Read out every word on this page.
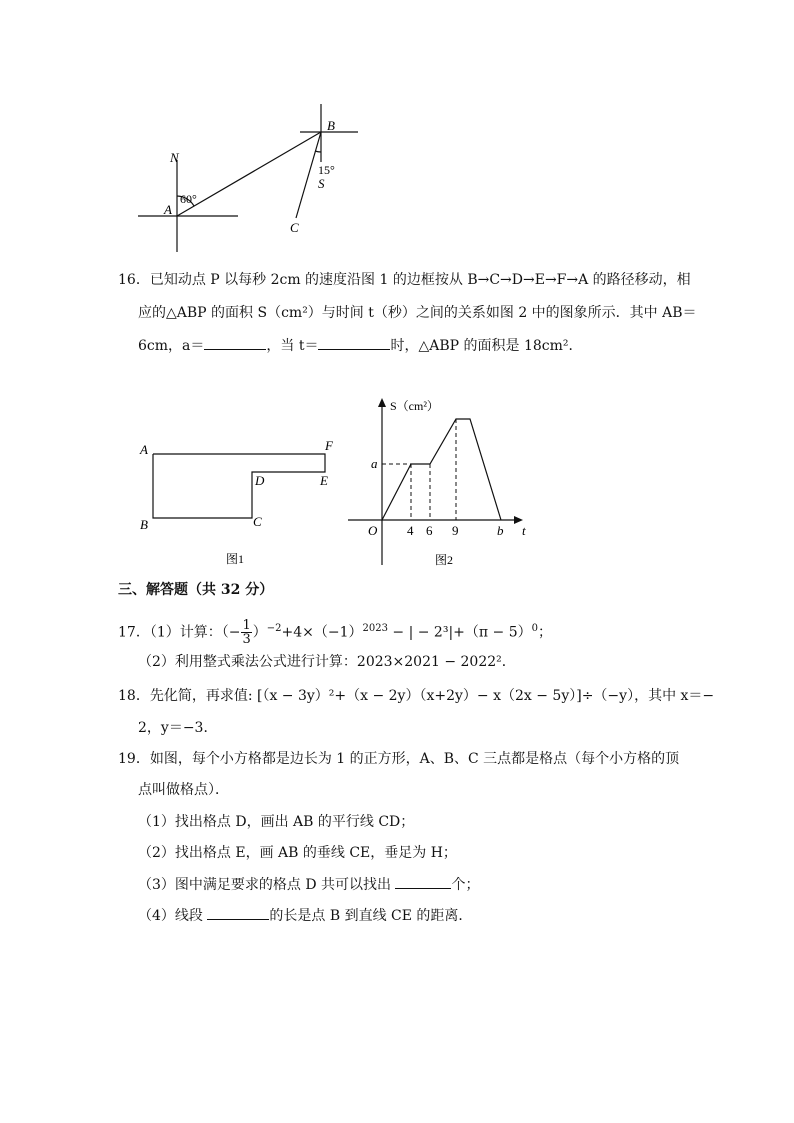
N
B
A
C
S
60°
15°
16．已知动点 P 以每秒 2cm 的速度沿图 1 的边框按从 B→C→D→E→F→A 的路径移动，相
应的△ABP 的面积 S（cm²）与时间 t（秒）之间的关系如图 2 中的图象所示．其中 AB＝
6cm，a＝	，当 t＝	时，△ABP 的面积是 18cm²．
A
B	C
D	E
F
图1
S（cm²）
t
O
a
4 6 9	b
图2
三、解答题（共 32 分）
17．（1）计算：（− $\frac{1}{3} )^{-2}+4\times(-1)^{2023}$ − | − $2^3|+(\pi - 5)^0$；
（2）利用整式乘法公式进行计算：2023×2021 − 2022²．
18．先化简，再求值: [（x − 3y）²+（x − 2y）（x+2y）− x（2x − 5y）]÷（−y），其中 x＝−
2，y＝−3．
19．如图，每个小方格都是边长为 1 的正方形，A、B、C 三点都是格点（每个小方格的顶
点叫做格点）．
（1）找出格点 D，画出 AB 的平行线 CD；
（2）找出格点 E，画 AB 的垂线 CE，垂足为 H；
（3）图中满足要求的格点 D 共可以找出	个；
（4）线段	的长是点 B 到直线 CE 的距离．
